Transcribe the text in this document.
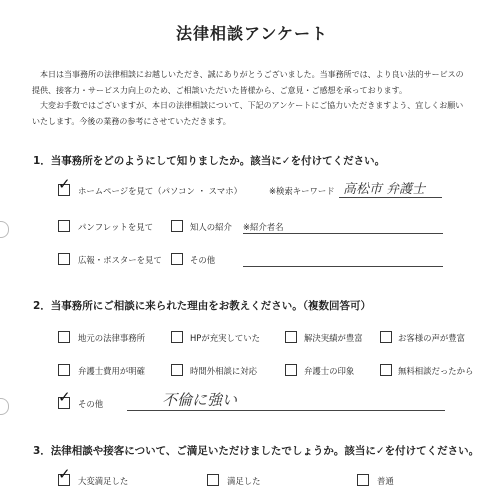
法律相談アンケート

本日は当事務所の法律相談にお越しいただき、誠にありがとうございました。当事務所では、より良い法的サービスの

提供、接客力・サービス力向上のため、ご相談いただいた皆様から、ご意見・ご感想を承っております。

大変お手数ではございますが、本日の法律相談について、下記のアンケートにご協力いただきますよう、宜しくお願い

いたします。今後の業務の参考にさせていただきます。

1．当事務所をどのようにして知りましたか。該当に✓を付けてください。
✓ ホームページを見て（パソコン ・ スマホ）	※検索キーワード 高松市 弁護士
パンフレットを見て	知人の紹介 ※紹介者名
広報・ポスターを見て	その他
2．当事務所にご相談に来られた理由をお教えください。（複数回答可）
地元の法律事務所	HPが充実していた	解決実績が豊富	お客様の声が豊富
弁護士費用が明確	時間外相談に対応	弁護士の印象	無料相談だったから
✓ その他	不倫に強い
3．法律相談や接客について、ご満足いただけましたでしょうか。該当に✓を付けてください。
✓ 大変満足した	満足した	普通
